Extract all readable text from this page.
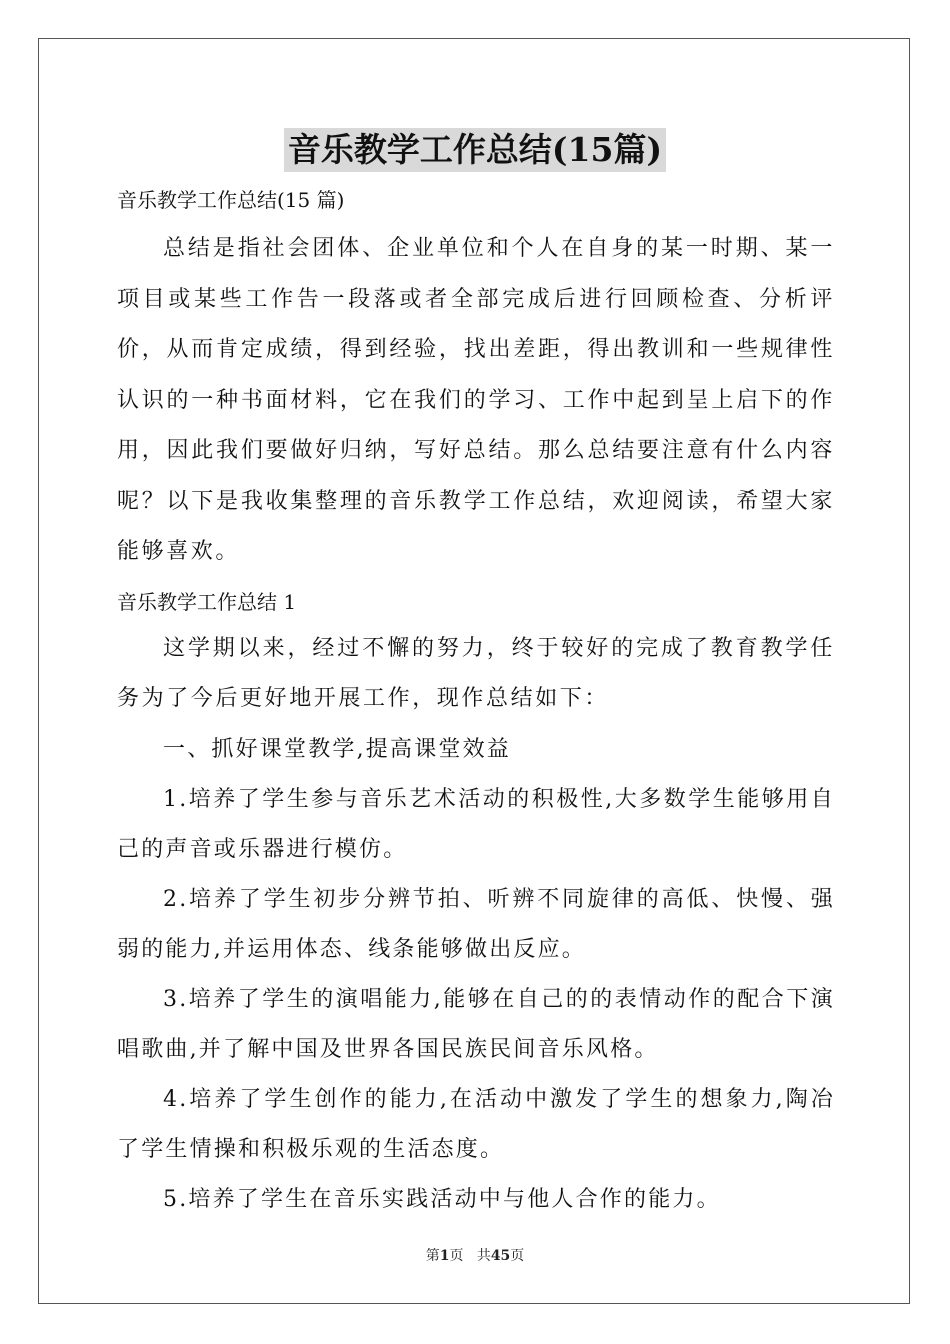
音乐教学工作总结(15篇)

音乐教学工作总结(15 篇)

总结是指社会团体、企业单位和个人在自身的某一时期、某一项目或某些工作告一段落或者全部完成后进行回顾检查、分析评价，从而肯定成绩，得到经验，找出差距，得出教训和一些规律性认识的一种书面材料，它在我们的学习、工作中起到呈上启下的作用，因此我们要做好归纳，写好总结。那么总结要注意有什么内容呢？以下是我收集整理的音乐教学工作总结，欢迎阅读，希望大家能够喜欢。

音乐教学工作总结 1

这学期以来，经过不懈的努力，终于较好的完成了教育教学任务为了今后更好地开展工作，现作总结如下：

一、抓好课堂教学,提高课堂效益

1.培养了学生参与音乐艺术活动的积极性,大多数学生能够用自己的声音或乐器进行模仿。

2.培养了学生初步分辨节拍、听辨不同旋律的高低、快慢、强弱的能力,并运用体态、线条能够做出反应。

3.培养了学生的演唱能力,能够在自己的的表情动作的配合下演唱歌曲,并了解中国及世界各国民族民间音乐风格。

4.培养了学生创作的能力,在活动中激发了学生的想象力,陶冶了学生情操和积极乐观的生活态度。

5.培养了学生在音乐实践活动中与他人合作的能力。

第1页 共45页
